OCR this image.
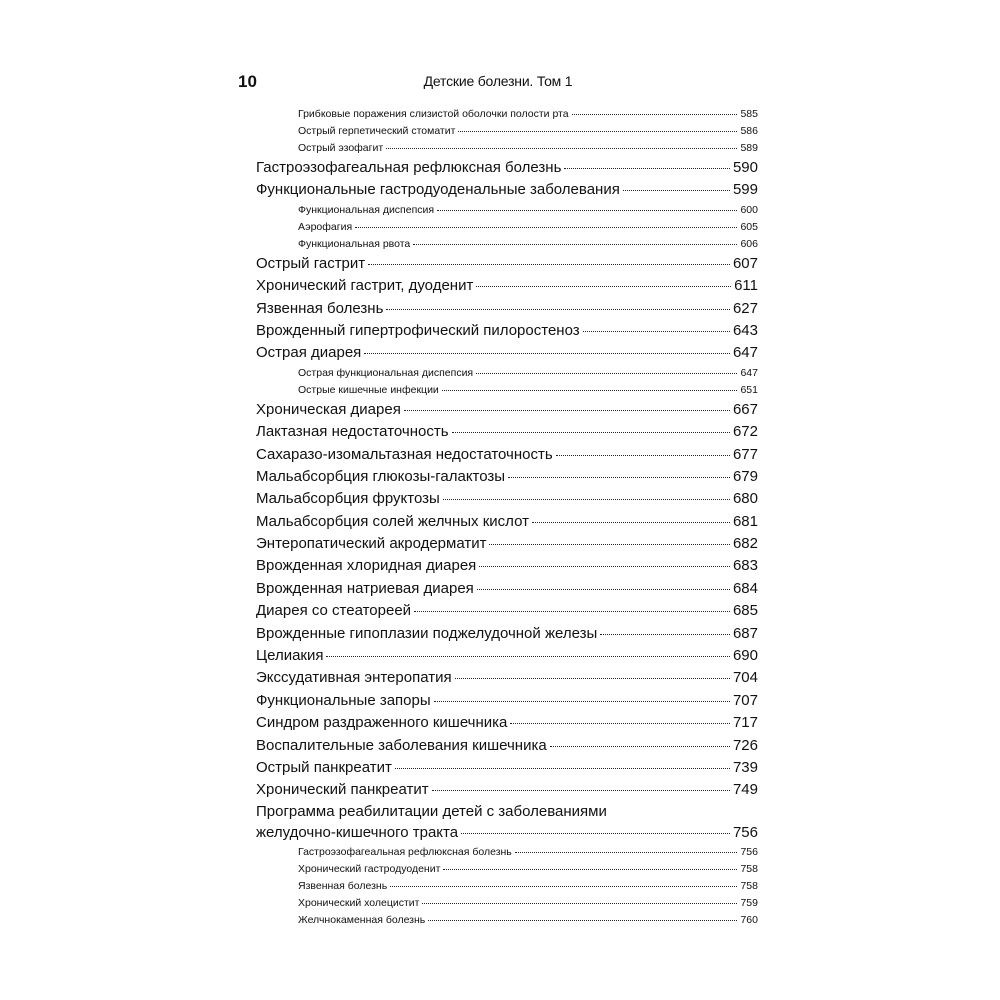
10	Детские болезни. Том 1
Грибковые поражения слизистой оболочки полости рта	585
Острый герпетический стоматит	586
Острый эзофагит	589
Гастроэзофагеальная рефлюксная болезнь	590
Функциональные гастродуоденальные заболевания	599
Функциональная диспепсия	600
Аэрофагия	605
Функциональная рвота	606
Острый гастрит	607
Хронический гастрит, дуоденит	611
Язвенная болезнь	627
Врожденный гипертрофический пилоростеноз	643
Острая диарея	647
Острая функциональная диспепсия	647
Острые кишечные инфекции	651
Хроническая диарея	667
Лактазная недостаточность	672
Сахаразо-изомальтазная недостаточность	677
Мальабсорбция глюкозы-галактозы	679
Мальабсорбция фруктозы	680
Мальабсорбция солей желчных кислот	681
Энтеропатический акродерматит	682
Врожденная хлоридная диарея	683
Врожденная натриевая диарея	684
Диарея со стеатореей	685
Врожденные гипоплазии поджелудочной железы	687
Целиакия	690
Экссудативная энтеропатия	704
Функциональные запоры	707
Синдром раздраженного кишечника	717
Воспалительные заболевания кишечника	726
Острый панкреатит	739
Хронический панкреатит	749
Программа реабилитации детей с заболеваниями
желудочно-кишечного тракта	756
Гастроэзофагеальная рефлюксная болезнь	756
Хронический гастродуоденит	758
Язвенная болезнь	758
Хронический холецистит	759
Желчнокаменная болезнь	760
